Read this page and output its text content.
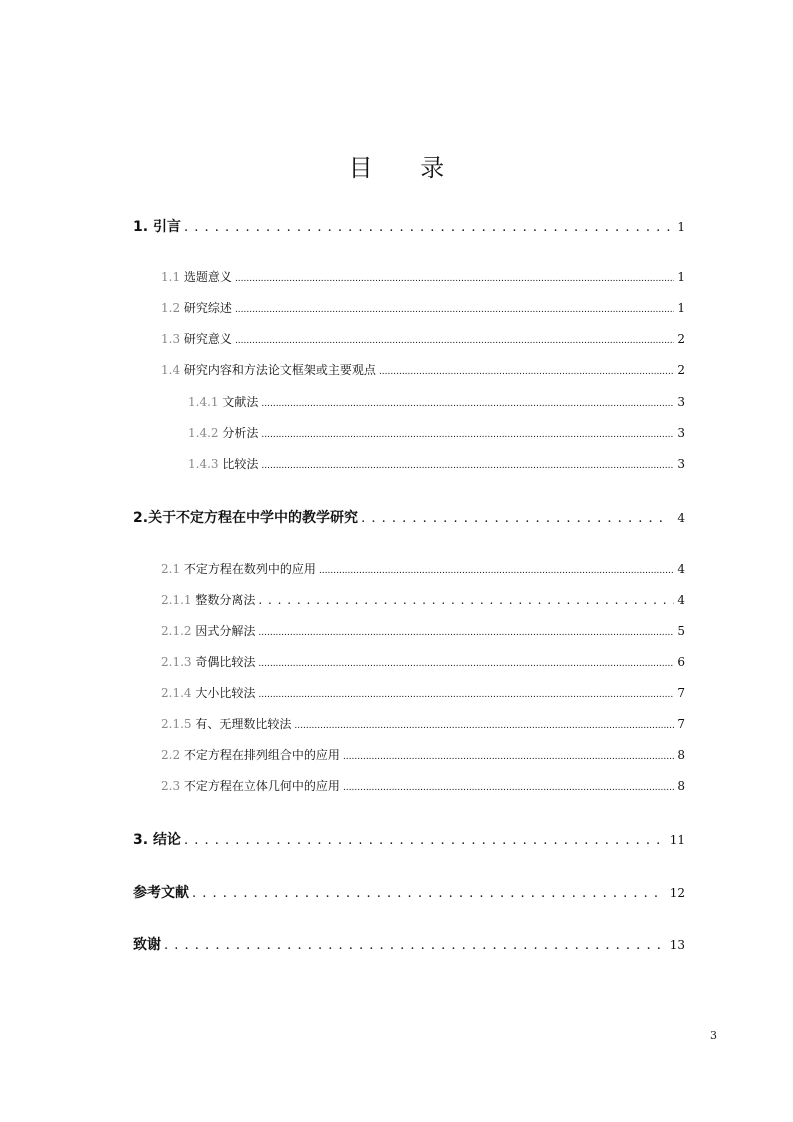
目 录
1. 引言 . . .	1
1.1 选题意义 .....	1
1.2 研究综述 .....	1
1.3 研究意义 .....	2
1.4 研究内容和方法论文框架或主要观点 .....	2
1.4.1 文献法 .....	3
1.4.2 分析法 .....	3
1.4.3 比较法 .....	3
2.关于不定方程在中学中的教学研究 . . .	4
2.1 不定方程在数列中的应用 .....	4
2.1.1 整数分离法 . . .	4
2.1.2 因式分解法 .....	5
2.1.3 奇偶比较法 .....	6
2.1.4 大小比较法 .....	7
2.1.5 有、无理数比较法 .....	7
2.2 不定方程在排列组合中的应用 .....	8
2.3 不定方程在立体几何中的应用 .....	8
3. 结论 . . .	11
参考文献 . . .	12
致谢 . . .	13
3
